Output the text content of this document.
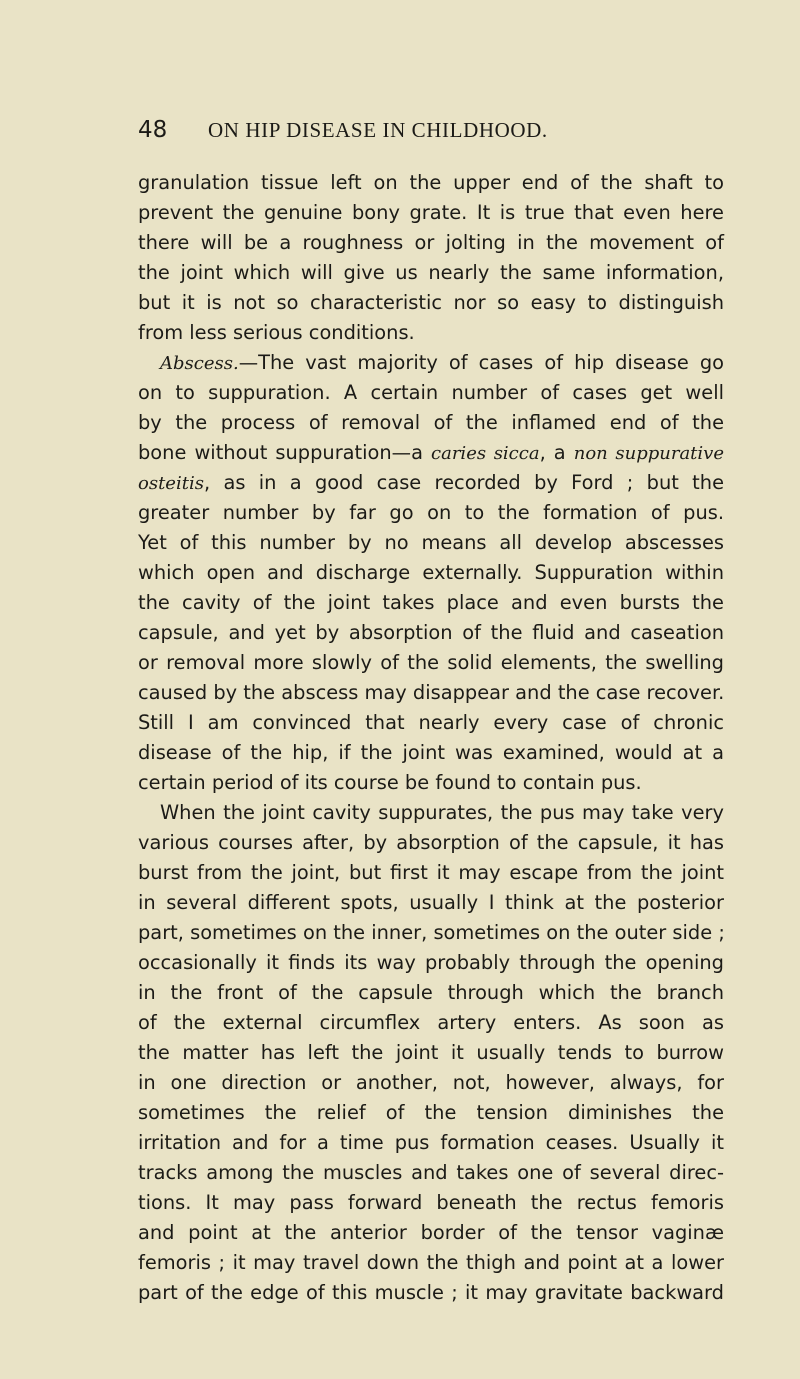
48 ON HIP DISEASE IN CHILDHOOD.
granulation tissue left on the upper end of the shaft to
prevent the genuine bony grate. It is true that even here
there will be a roughness or jolting in the movement of
the joint which will give us nearly the same information,
but it is not so characteristic nor so easy to distinguish
from less serious conditions.
Abscess.—The vast majority of cases of hip disease go
on to suppuration. A certain number of cases get well
by the process of removal of the inflamed end of the
bone without suppuration—a caries sicca, a non suppurative
osteitis, as in a good case recorded by Ford ; but the
greater number by far go on to the formation of pus.
Yet of this number by no means all develop abscesses
which open and discharge externally. Suppuration within
the cavity of the joint takes place and even bursts the
capsule, and yet by absorption of the fluid and caseation
or removal more slowly of the solid elements, the swelling
caused by the abscess may disappear and the case recover.
Still I am convinced that nearly every case of chronic
disease of the hip, if the joint was examined, would at a
certain period of its course be found to contain pus.
When the joint cavity suppurates, the pus may take very
various courses after, by absorption of the capsule, it has
burst from the joint, but first it may escape from the joint
in several different spots, usually I think at the posterior
part, sometimes on the inner, sometimes on the outer side ;
occasionally it finds its way probably through the opening
in the front of the capsule through which the branch
of the external circumflex artery enters. As soon as
the matter has left the joint it usually tends to burrow
in one direction or another, not, however, always, for
sometimes the relief of the tension diminishes the
irritation and for a time pus formation ceases. Usually it
tracks among the muscles and takes one of several direc-
tions. It may pass forward beneath the rectus femoris
and point at the anterior border of the tensor vaginæ
femoris ; it may travel down the thigh and point at a lower
part of the edge of this muscle ; it may gravitate backward
